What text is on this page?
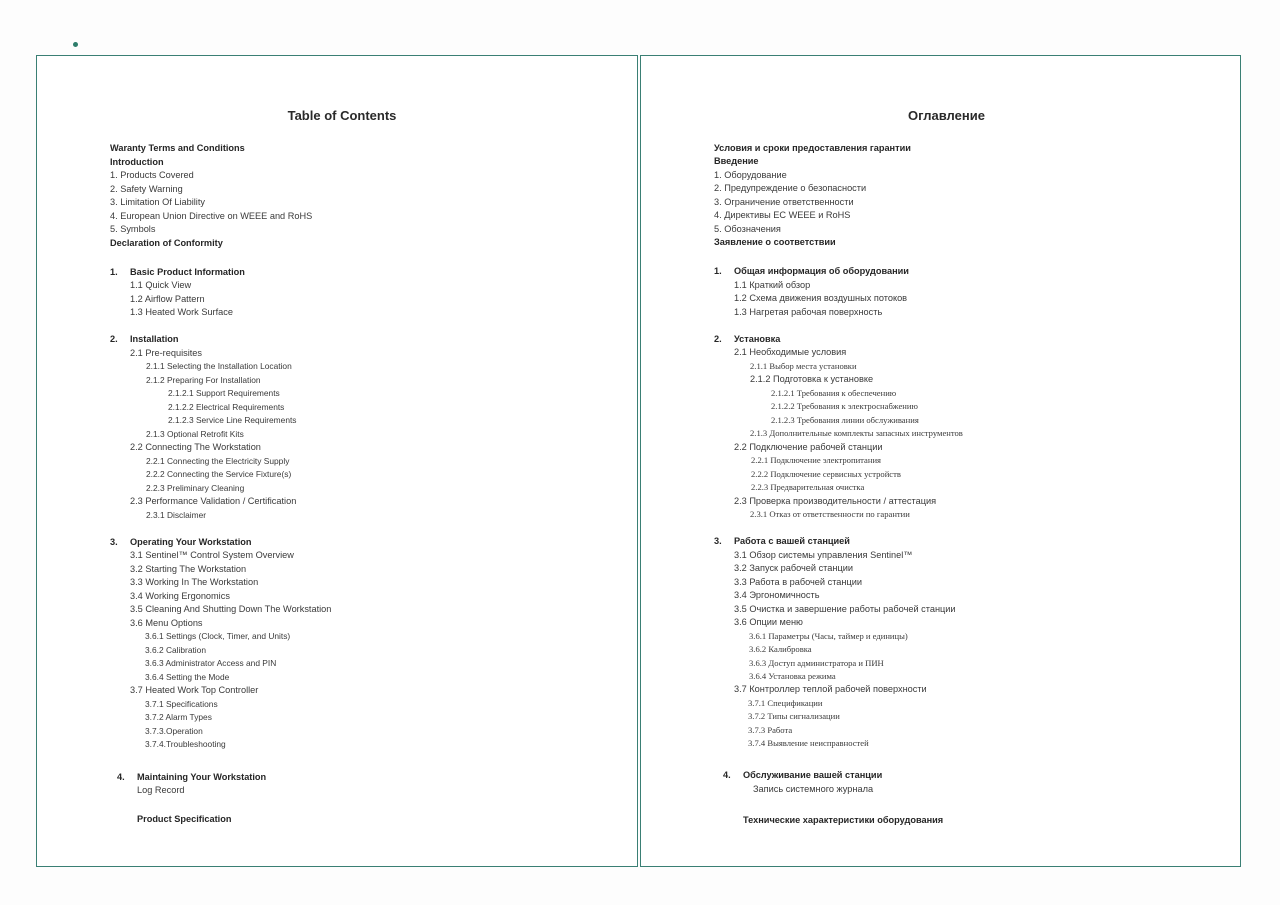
Table of Contents
Waranty Terms and Conditions
Introduction
1. Products Covered
2. Safety Warning
3. Limitation Of Liability
4. European Union Directive on WEEE and RoHS
5. Symbols
Declaration of Conformity
1. Basic Product Information
1.1 Quick View
1.2 Airflow Pattern
1.3 Heated Work Surface
2. Installation
2.1 Pre-requisites
2.1.1 Selecting the Installation Location
2.1.2 Preparing For Installation
2.1.2.1 Support Requirements
2.1.2.2 Electrical Requirements
2.1.2.3 Service Line Requirements
2.1.3 Optional Retrofit Kits
2.2 Connecting The Workstation
2.2.1 Connecting the Electricity Supply
2.2.2 Connecting the Service Fixture(s)
2.2.3 Preliminary Cleaning
2.3 Performance Validation / Certification
2.3.1 Disclaimer
3. Operating Your Workstation
3.1 Sentinel™ Control System Overview
3.2 Starting The Workstation
3.3 Working In The Workstation
3.4 Working Ergonomics
3.5 Cleaning And Shutting Down The Workstation
3.6 Menu Options
3.6.1 Settings (Clock, Timer, and Units)
3.6.2 Calibration
3.6.3 Administrator Access and PIN
3.6.4 Setting the Mode
3.7 Heated Work Top Controller
3.7.1 Specifications
3.7.2 Alarm Types
3.7.3.Operation
3.7.4.Troubleshooting
4. Maintaining Your Workstation
Log Record
Product Specification
Оглавление
Условия и сроки предоставления гарантии
Введение
1. Оборудование
2. Предупреждение о безопасности
3. Ограничение ответственности
4. Директивы ЕС WEEE и RoHS
5. Обозначения
Заявление о соответствии
1. Общая информация об оборудовании
1.1 Краткий обзор
1.2 Схема движения воздушных потоков
1.3 Нагретая рабочая поверхность
2. Установка
2.1 Необходимые условия
2.1.1 Выбор места установки
2.1.2 Подготовка к установке
2.1.2.1 Требования к обеспечению
2.1.2.2 Требования к электроснабжению
2.1.2.3 Требования линии обслуживания
2.1.3 Дополнительные комплекты запасных инструментов
2.2 Подключение рабочей станции
2.2.1 Подключение электропитания
2.2.2 Подключение сервисных устройств
2.2.3 Предварительная очистка
2.3 Проверка производительности / аттестация
2.3.1 Отказ от ответственности по гарантии
3. Работа с вашей станцией
3.1 Обзор системы управления Sentinel™
3.2 Запуск рабочей станции
3.3 Работа в рабочей станции
3.4 Эргономичность
3.5 Очистка и завершение работы рабочей станции
3.6 Опции меню
3.6.1 Параметры (Часы, таймер и единицы)
3.6.2 Калибровка
3.6.3 Доступ администратора и ПИН
3.6.4 Установка режима
3.7 Контроллер теплой рабочей поверхности
3.7.1 Спецификации
3.7.2 Типы сигнализации
3.7.3 Работа
3.7.4 Выявление неисправностей
4. Обслуживание вашей станции
Запись системного журнала
Технические характеристики оборудования
